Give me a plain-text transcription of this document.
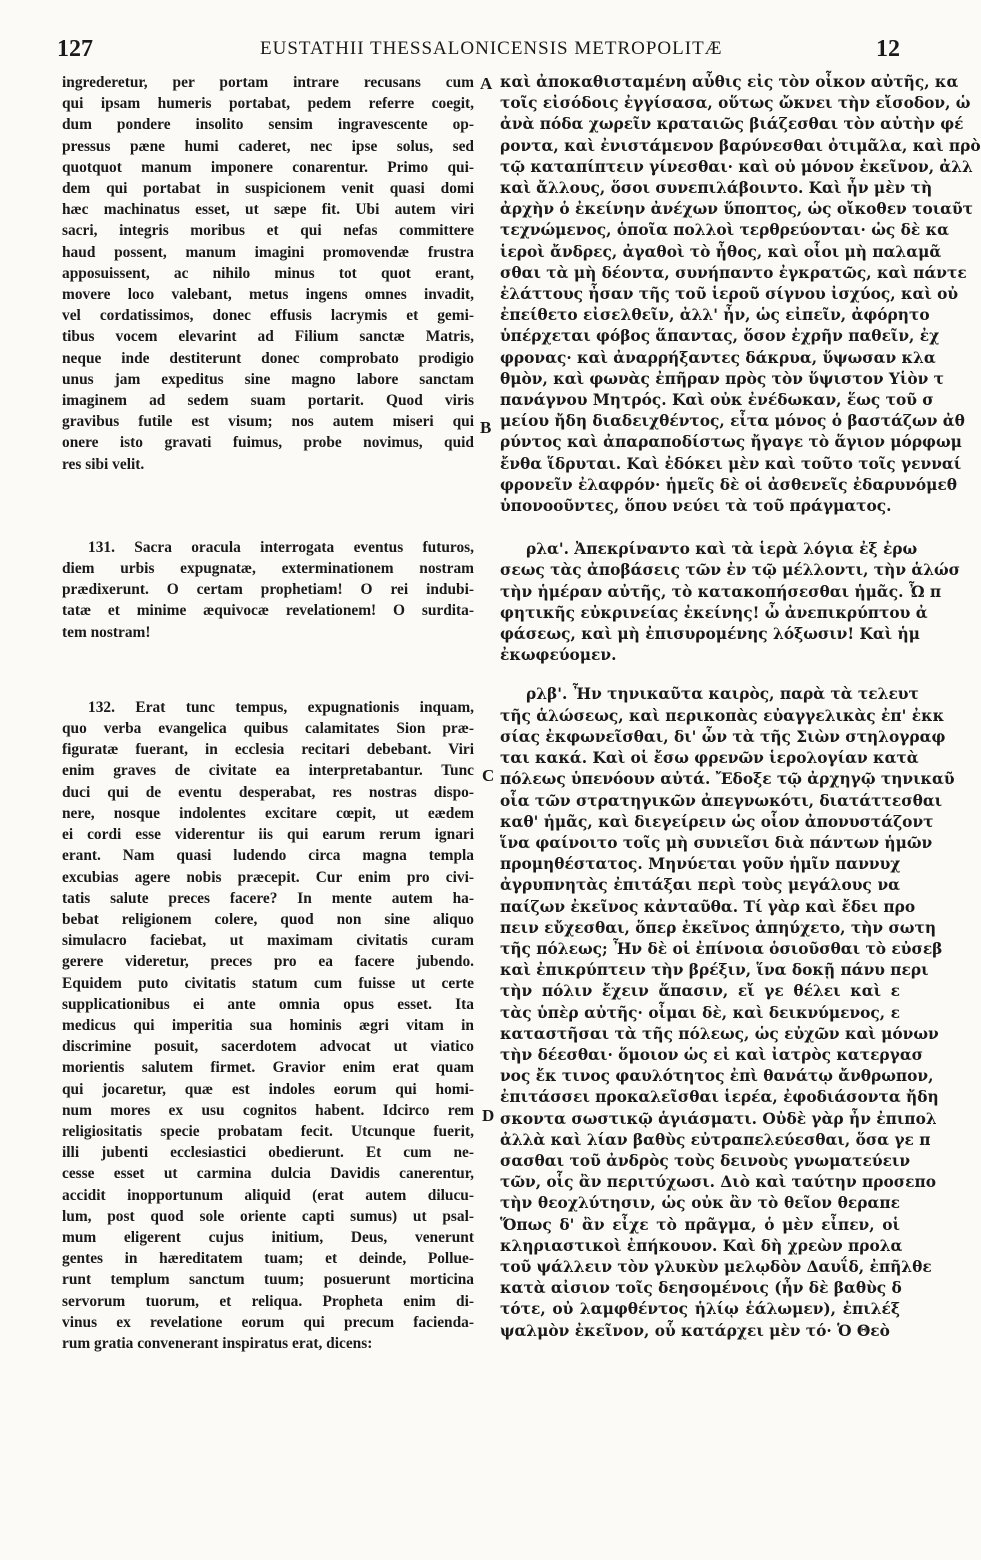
127	EUSTATHII THESSALONICENSIS METROPOLITÆ	12
A
B
C
D
ingrederetur, per portam intrare recusans cum
qui ipsam humeris portabat, pedem referre coegit,
dum pondere insolito sensim ingravescente op-
pressus pæne humi caderet, nec ipse solus, sed
quotquot manum imponere conarentur. Primo qui-
dem qui portabat in suspicionem venit quasi domi
hæc machinatus esset, ut sæpe fit. Ubi autem viri
sacri, integris moribus et qui nefas committere
haud possent, manum imagini promovendæ frustra
apposuissent, ac nihilo minus tot quot erant,
movere loco valebant, metus ingens omnes invadit,
vel cordatissimos, donec effusis lacrymis et gemi-
tibus vocem elevarint ad Filium sanctæ Matris,
neque inde destiterunt donec comprobato prodigio
unus jam expeditus sine magno labore sanctam
imaginem ad sedem suam portarit. Quod viris
gravibus futile est visum; nos autem miseri qui
onere isto gravati fuimus, probe novimus, quid
res sibi velit.
131. Sacra oracula interrogata eventus futuros,
diem urbis expugnatæ, exterminationem nostram
prædixerunt. O certam prophetiam! O rei indubi-
tatæ et minime æquivocæ revelationem! O surdita-
tem nostram!
132. Erat tunc tempus, expugnationis inquam,
quo verba evangelica quibus calamitates Sion præ-
figuratæ fuerant, in ecclesia recitari debebant. Viri
enim graves de civitate ea interpretabantur. Tunc
duci qui de eventu desperabat, res nostras dispo-
nere, nosque indolentes excitare cœpit, ut eædem
ei cordi esse viderentur iis qui earum rerum ignari
erant. Nam quasi ludendo circa magna templa
excubias agere nobis præcepit. Cur enim pro civi-
tatis salute preces facere? In mente autem ha-
bebat religionem colere, quod non sine aliquo
simulacro faciebat, ut maximam civitatis curam
gerere videretur, preces pro ea facere jubendo.
Equidem puto civitatis statum cum fuisse ut certe
supplicationibus ei ante omnia opus esset. Ita
medicus qui imperitia sua hominis ægri vitam in
discrimine posuit, sacerdotem advocat ut viatico
morientis salutem firmet. Gravior enim erat quam
qui jocaretur, quæ est indoles eorum qui homi-
num mores ex usu cognitos habent. Idcirco rem
religiositatis specie probatam fecit. Utcunque fuerit,
illi jubenti ecclesiastici obedierunt. Et cum ne-
cesse esset ut carmina dulcia Davidis canerentur,
accidit inopportunum aliquid (erat autem dilucu-
lum, post quod sole oriente capti sumus) ut psal-
mum eligerent cujus initium, Deus, venerunt
gentes in hæreditatem tuam; et deinde, Pollue-
runt templum sanctum tuum; posuerunt morticina
servorum tuorum, et reliqua. Propheta enim di-
vinus ex revelatione eorum qui precum facienda-
rum gratia convenerant inspiratus erat, dicens:
καὶ ἀποκαθισταμένη αὖθις εἰς τὸν οἶκον αὐτῆς, κα
τοῖς εἰσόδοις ἐγγίσασα, οὕτως ὤκνει τὴν εἴσοδον, ὡ
ἀνὰ πόδα χωρεῖν κραταιῶς βιάζεσθαι τὸν αὐτὴν φέ
ροντα, καὶ ἐνιστάμενον βαρύνεσθαι ὀτιμᾶλα, καὶ πρὸ
τῷ καταπίπτειν γίνεσθαι· καὶ οὐ μόνον ἐκεῖνον, ἀλλ
καὶ ἄλλους, ὅσοι συνεπιλάβοιντο. Καὶ ἦν μὲν τὴ
ἀρχὴν ὁ ἐκείνην ἀνέχων ὕποπτος, ὡς οἴκοθεν τοιαῦτ
τεχνώμενος, ὁποῖα πολλοὶ τερθρεύονται· ὡς δὲ κα
ἱεροὶ ἄνδρες, ἀγαθοὶ τὸ ἦθος, καὶ οἷοι μὴ παλαμᾶ
σθαι τὰ μὴ δέοντα, συνήπαντο ἐγκρατῶς, καὶ πάντε
ἐλάττους ἦσαν τῆς τοῦ ἱεροῦ σίγνου ἰσχύος, καὶ οὐ
ἐπείθετο εἰσελθεῖν, ἀλλ' ἦν, ὡς εἰπεῖν, ἀφόρητο
ὑπέρχεται φόβος ἅπαντας, ὅσον ἐχρῆν παθεῖν, ἐχ
φρονας· καὶ ἀναρρήξαντες δάκρυα, ὕψωσαν κλα
θμὸν, καὶ φωνὰς ἐπῆραν πρὸς τὸν ὕψιστον Υἱὸν τ
πανάγνου Μητρός. Καὶ οὐκ ἐνέδωκαν, ἕως τοῦ σ
μείου ἤδη διαδειχθέντος, εἶτα μόνος ὁ βαστάζων ἀθ
ρύντος καὶ ἀπαραποδίστως ἤγαγε τὸ ἅγιον μόρφωμ
ἔνθα ἵδρυται. Καὶ ἐδόκει μὲν καὶ τοῦτο τοῖς γενναί
φρονεῖν ἐλαφρόν· ἡμεῖς δὲ οἱ ἀσθενεῖς ἐδαρυνόμεθ
ὑπονοοῦντες, ὅπου νεύει τὰ τοῦ πράγματος.
ρλα'. Ἀπεκρίναντο καὶ τὰ ἱερὰ λόγια ἐξ ἐρω
σεως τὰς ἀποβάσεις τῶν ἐν τῷ μέλλοντι, τὴν ἁλώσ
τὴν ἡμέραν αὐτῆς, τὸ κατακοπήσεσθαι ἡμᾶς. Ὦ π
φητικῆς εὐκρινείας ἐκείνης! ὦ ἀνεπικρύπτου ἀ
φάσεως, καὶ μὴ ἐπισυρομένης λόξωσιν! Καὶ ἡμ
ἐκωφεύομεν.
ρλβ'. Ἦν τηνικαῦτα καιρὸς, παρὰ τὰ τελευτ
τῆς ἁλώσεως, καὶ περικοπὰς εὐαγγελικὰς ἐπ' ἐκκ
σίας ἐκφωνεῖσθαι, δι' ὧν τὰ τῆς Σιὼν στηλογραφ
ται κακά. Καὶ οἱ ἔσω φρενῶν ἱερολογίαν κατὰ
πόλεως ὑπενόουν αὐτά. Ἔδοξε τῷ ἀρχηγῷ τηνικαῦ
οἷα τῶν στρατηγικῶν ἀπεγνωκότι, διατάττεσθαι
καθ' ἡμᾶς, καὶ διεγείρειν ὡς οἷον ἀπονυστάζοντ
ἵνα φαίνοιτο τοῖς μὴ συνιεῖσι διὰ πάντων ἡμῶν
προμηθέστατος. Μηνύεται γοῦν ἡμῖν παννυχ
ἀγρυπνητὰς ἐπιτάξαι περὶ τοὺς μεγάλους να
παίζων ἐκεῖνος κἀνταῦθα. Τί γὰρ καὶ ἔδει προ
πειν εὔχεσθαι, ὅπερ ἐκεῖνος ἀπηύχετο, τὴν σωτη
τῆς πόλεως; Ἦν δὲ οἱ ἐπίνοια ὁσιοῦσθαι τὸ εὐσεβ
καὶ ἐπικρύπτειν τὴν βρέξιν, ἵνα δοκῇ πάνυ περι
τὴν πόλιν ἔχειν ἅπασιν, εἴ γε θέλει καὶ ε
τὰς ὑπὲρ αὐτῆς· οἶμαι δὲ, καὶ δεικνύμενος, ε
καταστῆσαι τὰ τῆς πόλεως, ὡς εὐχῶν καὶ μόνων
τὴν δέεσθαι· ὅμοιον ὡς εἰ καὶ ἰατρὸς κατεργασ
νος ἔκ τινος φαυλότητος ἐπὶ θανάτῳ ἄνθρωπον,
ἐπιτάσσει προκαλεῖσθαι ἱερέα, ἐφοδιάσοντα ἤδη
σκοντα σωστικῷ ἁγιάσματι. Οὐδὲ γὰρ ἦν ἐπιπολ
ἀλλὰ καὶ λίαν βαθὺς εὐτραπελεύεσθαι, ὅσα γε π
σασθαι τοῦ ἀνδρὸς τοὺς δεινοὺς γνωματεύειν
τῶν, οἷς ἂν περιτύχωσι. Διὸ καὶ ταύτην προσεπο
τὴν θεοχλύτησιν, ὡς οὐκ ἂν τὸ θεῖον θεραπε
Ὅπως δ' ἂν εἶχε τὸ πρᾶγμα, ὁ μὲν εἶπεν, οἱ
κληριαστικοὶ ἐπήκουον. Καὶ δὴ χρεὼν προλα
τοῦ ψάλλειν τὸν γλυκὺν μελῳδὸν Δαυΐδ, ἐπῆλθε
κατὰ αἰσιον τοῖς δεησομένοις (ἦν δὲ βαθὺς δ
τότε, οὐ λαμφθέντος ἡλίῳ ἑάλωμεν), ἐπιλέξ
ψαλμὸν ἐκεῖνον, οὗ κατάρχει μὲν τό· Ὁ Θεὸ
